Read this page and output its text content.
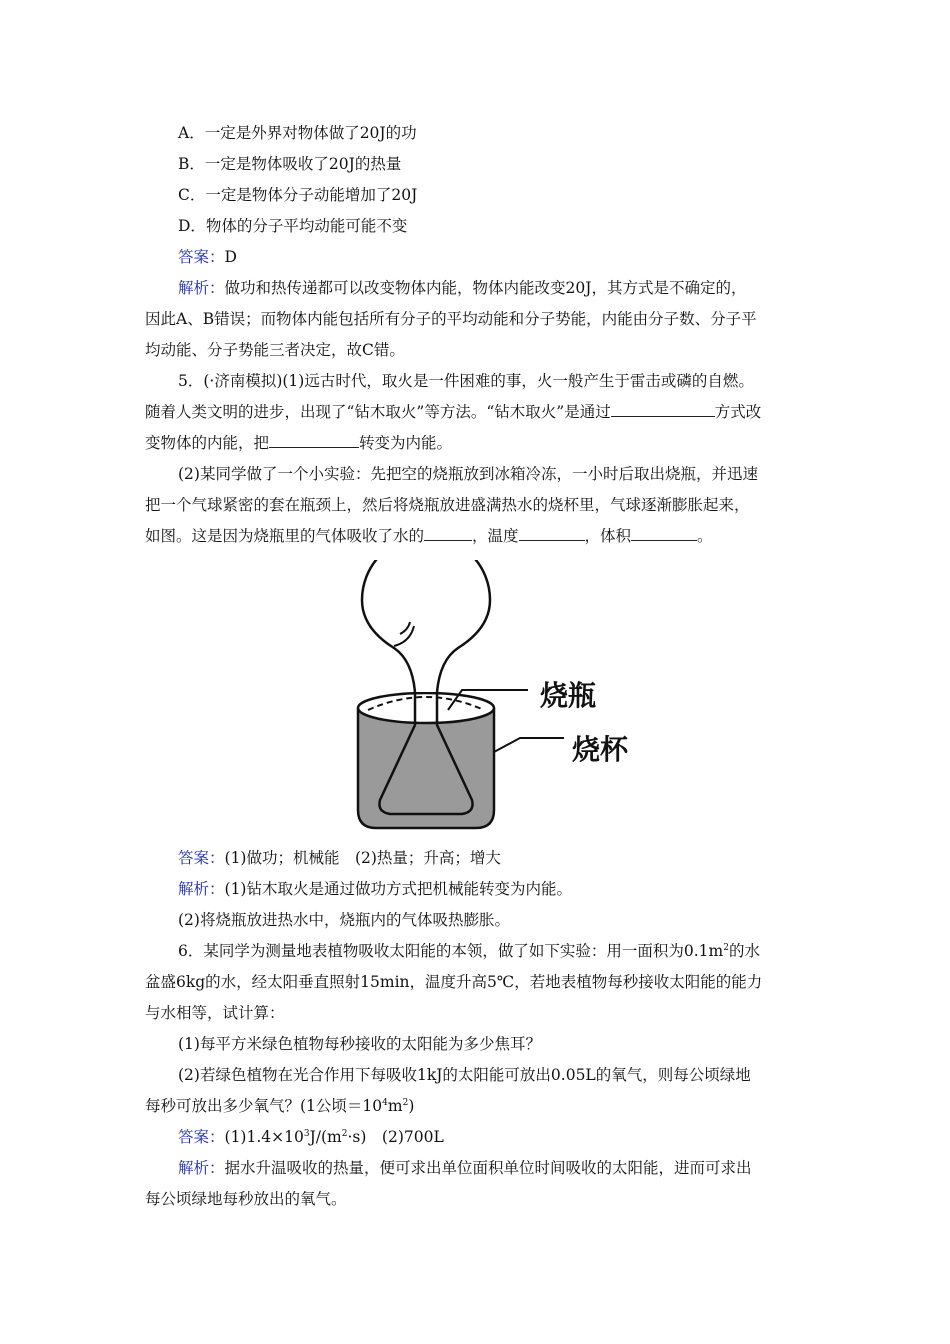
A．一定是外界对物体做了20J的功
B．一定是物体吸收了20J的热量
C．一定是物体分子动能增加了20J
D．物体的分子平均动能可能不变
答案：D
解析：做功和热传递都可以改变物体内能，物体内能改变20J，其方式是不确定的，
因此A、B错误；而物体内能包括所有分子的平均动能和分子势能，内能由分子数、分子平
均动能、分子势能三者决定，故C错。
5．(·济南模拟)(1)远古时代，取火是一件困难的事，火一般产生于雷击或磷的自燃。
随着人类文明的进步，出现了“钻木取火”等方法。“钻木取火”是通过	方式改
变物体的内能，把	转变为内能。
(2)某同学做了一个小实验：先把空的烧瓶放到冰箱冷冻，一小时后取出烧瓶，并迅速
把一个气球紧密的套在瓶颈上，然后将烧瓶放进盛满热水的烧杯里，气球逐渐膨胀起来，
如图。这是因为烧瓶里的气体吸收了水的	，温度	，体积	。
烧瓶
烧杯
答案：(1)做功；机械能　(2)热量；升高；增大
解析：(1)钻木取火是通过做功方式把机械能转变为内能。
(2)将烧瓶放进热水中，烧瓶内的气体吸热膨胀。
6．某同学为测量地表植物吸收太阳能的本领，做了如下实验：用一面积为$0.1m^2$的水
盆盛6kg的水，经太阳垂直照射15min，温度升高5℃，若地表植物每秒接收太阳能的能力
与水相等，试计算：
(1)每平方米绿色植物每秒接收的太阳能为多少焦耳？
(2)若绿色植物在光合作用下每吸收1kJ的太阳能可放出0.05L的氧气，则每公顷绿地
每秒可放出多少氧气？(1公顷$=10^4m^2$)
答案：$(1)1.4\times 10^3J/(m^2\cdot s)$　(2)700L
解析：据水升温吸收的热量，便可求出单位面积单位时间吸收的太阳能，进而可求出
每公顷绿地每秒放出的氧气。
